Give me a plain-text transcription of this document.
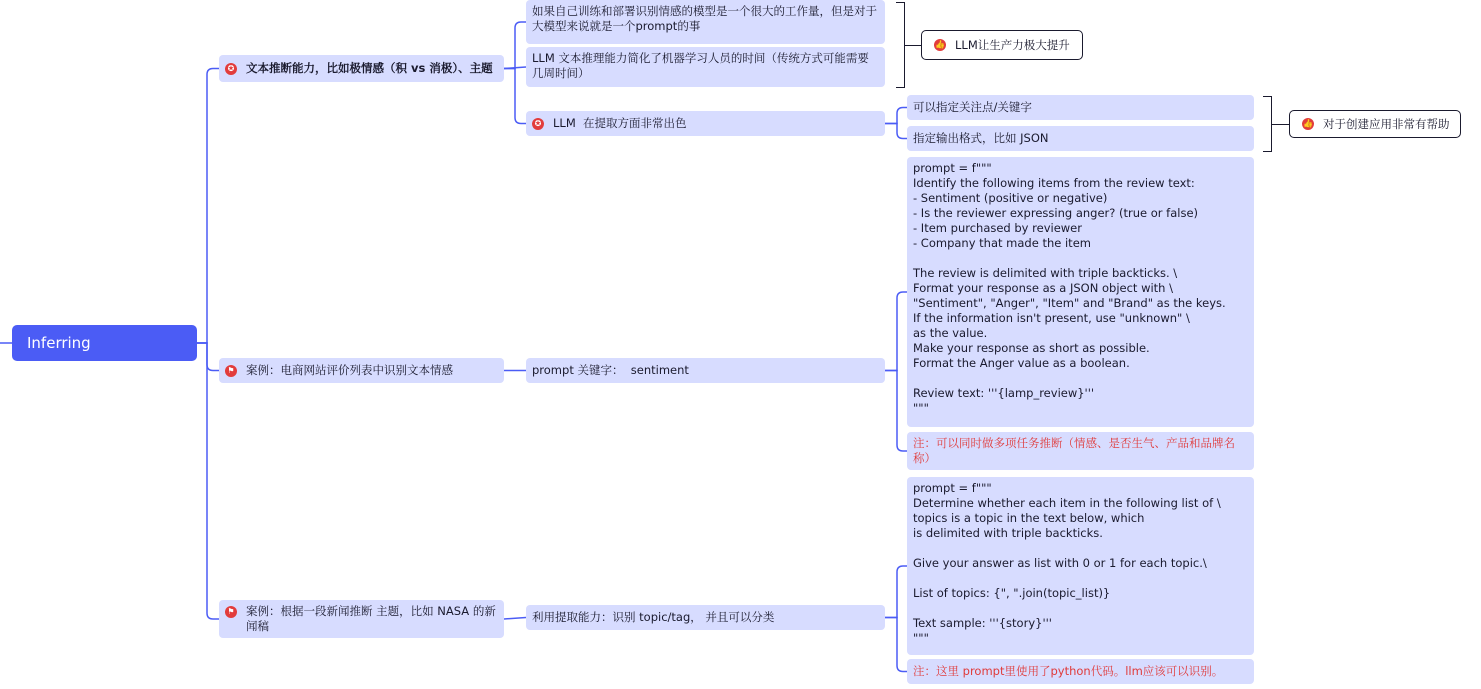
Inferring
✪ 文本推断能力，比如极情感（积 vs 消极）、主题
如果自己训练和部署识别情感的模型是一个很大的工作量，但是对于大模型来说就是一个prompt的事
LLM 文本推理能力简化了机器学习人员的时间（传统方式可能需要几周时间）
✪ LLM  在提取方面非常出色
可以指定关注点/关键字
指定输出格式，比如 JSON
⚑ 案例：电商网站评价列表中识别文本情感	prompt 关键字：  sentiment
prompt = f"""
Identify the following items from the review text:
- Sentiment (positive or negative)
- Is the reviewer expressing anger? (true or false)
- Item purchased by reviewer
- Company that made the item

The review is delimited with triple backticks. \
Format your response as a JSON object with \
"Sentiment", "Anger", "Item" and "Brand" as the keys.
If the information isn't present, use "unknown" \
as the value.
Make your response as short as possible.
Format the Anger value as a boolean.

Review text: '''{lamp_review}'''
"""
注：可以同时做多项任务推断（情感、是否生气、产品和品牌名称）
⚑ 案例：根据一段新闻推断 主题，比如 NASA 的新闻稿
利用提取能力：识别 topic/tag， 并且可以分类
prompt = f"""
Determine whether each item in the following list of \
topics is a topic in the text below, which
is delimited with triple backticks.

Give your answer as list with 0 or 1 for each topic.\

List of topics: {", ".join(topic_list)}

Text sample: '''{story}'''
"""
注：这里 prompt里使用了python代码。llm应该可以识别。
👍 LLM让生产力极大提升
👍 对于创建应用非常有帮助
